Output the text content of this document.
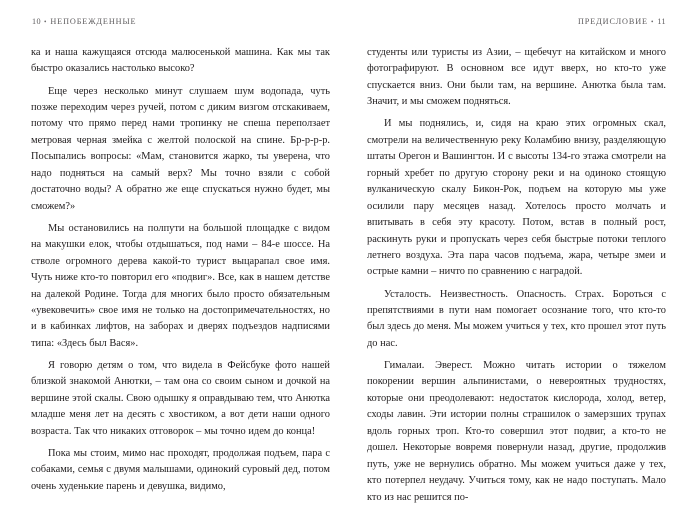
10 • НЕПОБЕЖДЕННЫЕ	ПРЕДИСЛОВИЕ • 11

ка и наша кажущаяся отсюда малюсенькой машина. Как мы так быстро оказались настолько высоко?

Еще через несколько минут слушаем шум водопада, чуть позже переходим через ручей, потом с диким визгом отскакиваем, потому что прямо перед нами тропинку не спеша переползает метровая черная змейка с желтой полоской на спине. Бр-р-р-р. Посыпались вопросы: «Мам, становится жарко, ты уверена, что надо подняться на самый верх? Мы точно взяли с собой достаточно воды? А обратно же еще спускаться нужно будет, мы сможем?»

Мы остановились на полпути на большой площадке с видом на макушки елок, чтобы отдышаться, под нами – 84-е шоссе. На стволе огромного дерева какой-то турист выцарапал свое имя. Чуть ниже кто-то повторил его «подвиг». Все, как в нашем детстве на далекой Родине. Тогда для многих было просто обязательным «увековечить» свое имя не только на достопримечательностях, но и в кабинках лифтов, на заборах и дверях подъездов надписями типа: «Здесь был Вася».

Я говорю детям о том, что видела в Фейсбуке фото нашей близкой знакомой Анютки, – там она со своим сыном и дочкой на вершине этой скалы. Свою одышку я оправдываю тем, что Анютка младше меня лет на десять с хвостиком, а вот дети наши одного возраста. Так что никаких отговорок – мы точно идем до конца!

Пока мы стоим, мимо нас проходят, продолжая подъем, пара с собаками, семья с двумя малышами, одинокий суровый дед, потом очень худенькие парень и девушка, видимо,

студенты или туристы из Азии, – щебечут на китайском и много фотографируют. В основном все идут вверх, но кто-то уже спускается вниз. Они были там, на вершине. Анютка была там. Значит, и мы сможем подняться.

И мы поднялись, и, сидя на краю этих огромных скал, смотрели на величественную реку Коламбию внизу, разделяющую штаты Орегон и Вашингтон. И с высоты 134-го этажа смотрели на горный хребет по другую сторону реки и на одиноко стоящую вулканическую скалу Бикон-Рок, подъем на которую мы уже осилили пару месяцев назад. Хотелось просто молчать и впитывать в себя эту красоту. Потом, встав в полный рост, раскинуть руки и пропускать через себя быстрые потоки теплого летнего воздуха. Эта пара часов подъема, жара, четыре змеи и острые камни – ничто по сравнению с наградой.

Усталость. Неизвестность. Опасность. Страх. Бороться с препятствиями в пути нам помогает осознание того, что кто-то был здесь до меня. Мы можем учиться у тех, кто прошел этот путь до нас.

Гималаи. Эверест. Можно читать истории о тяжелом покорении вершин альпинистами, о невероятных трудностях, которые они преодолевают: недостаток кислорода, холод, ветер, сходы лавин. Эти истории полны страшилок о замерзших трупах вдоль горных троп. Кто-то совершил этот подвиг, а кто-то не дошел. Некоторые вовремя повернули назад, другие, продолжив путь, уже не вернулись обратно. Мы можем учиться даже у тех, кто потерпел неудачу. Учиться тому, как не надо поступать. Мало кто из нас решится по-
